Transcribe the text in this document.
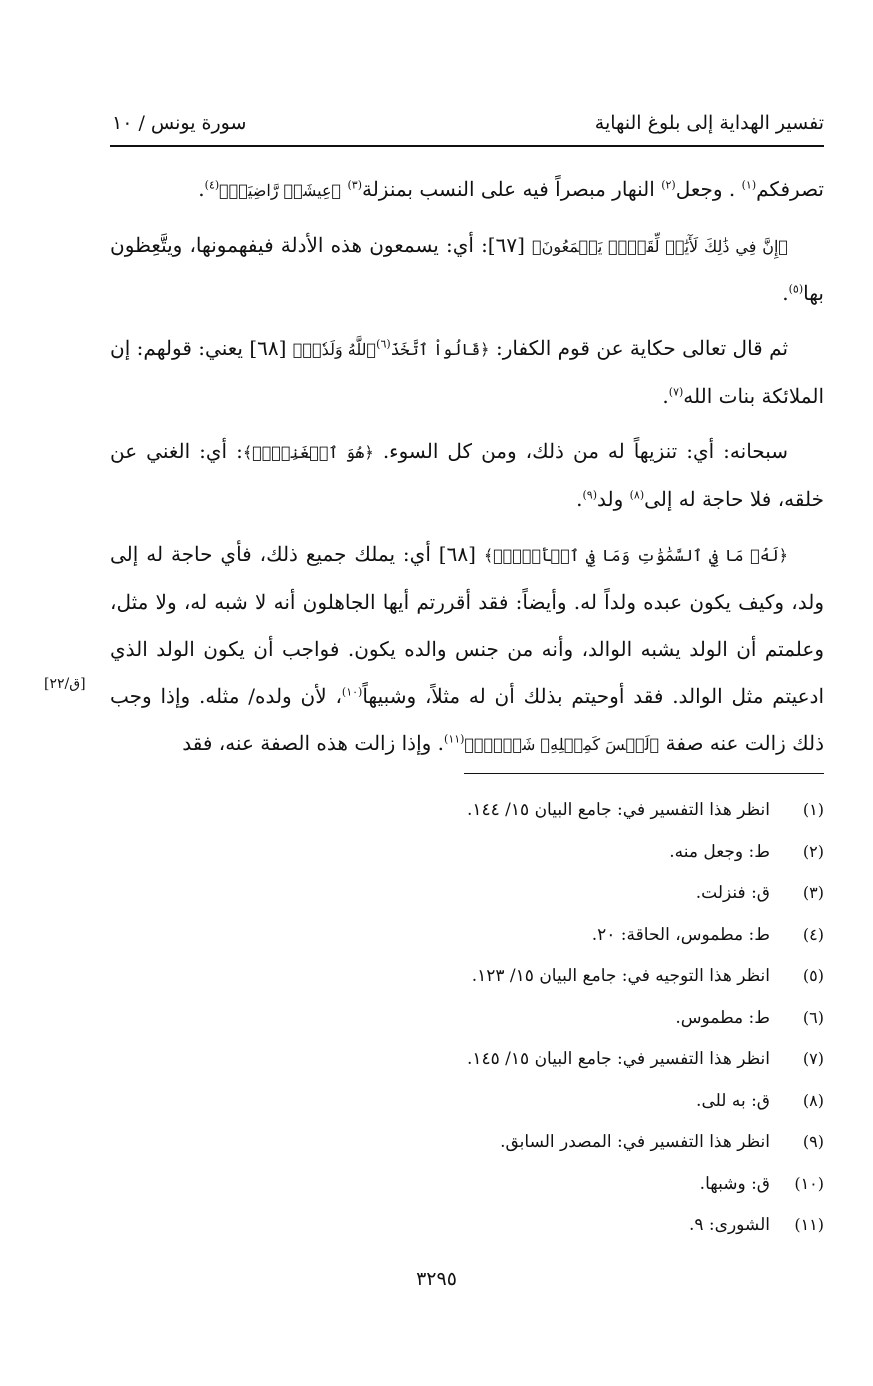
تفسير الهداية إلى بلوغ النهاية
سورة يونس / ١٠

تصرفكم$^{(١)}$ . وجعل$^{(٢)}$ النهار مبصراً فيه على النسب بمنزلة$^{(٣)}$ ﴿عِيشَةٖ رَّاضِيَةٖ﴾$^{(٤)}$.

﴿إِنَّ فِي ذَٰلِكَ لَأٓيَٰتٖ لِّقَوۡمٖ يَسۡمَعُونَ﴾ [٦٧]: أي: يسمعون هذه الأدلة فيفهمونها، ويتَّعِظون بها$^{(٥)}$.

ثم قال تعالى حكاية عن قوم الكفار: ﴿قَالُواْ ٱتَّخَذَ$^{(٦)}$ٱللَّهُ وَلَدٗاۗ﴾ [٦٨] يعني: قولهم: إن الملائكة بنات الله$^{(٧)}$.

سبحانه: أي: تنزيهاً له من ذلك، ومن كل السوء. ﴿هُوَ ٱلۡغَنِيُّۖ﴾: أي: الغني عن خلقه، فلا حاجة له إلى$^{(٨)}$ ولد$^{(٩)}$.

﴿لَهُۥ مَا فِي ٱلسَّمَٰوَٰتِ وَمَا فِي ٱلۡأَرۡضِۚ﴾ [٦٨] أي: يملك جميع ذلك، فأي حاجة له إلى ولد، وكيف يكون عبده ولداً له. وأيضاً: فقد أقررتم أيها الجاهلون أنه لا شبه له، ولا مثل، وعلمتم أن الولد يشبه الوالد، وأنه من جنس والده يكون. فواجب أن يكون الولد الذي ادعيتم مثل الوالد. فقد أوحيتم بذلك أن له مثلاً، وشبيهاً$^{(١٠)}$، لأن ولده/ مثله. وإذا وجب ذلك زالت عنه صفة ﴿لَيۡسَ كَمِثۡلِهِۦ شَيۡءٞۖ﴾$^{(١١)}$. وإذا زالت هذه الصفة عنه، فقد

[ق/٢٢]
(١)انظر هذا التفسير في: جامع البيان ١٥/ ١٤٤.
(٢)ط: وجعل منه.
(٣)ق: فنزلت.
(٤)ط: مطموس، الحاقة: ٢٠.
(٥)انظر هذا التوجيه في: جامع البيان ١٥/ ١٢٣.
(٦)ط: مطموس.
(٧)انظر هذا التفسير في: جامع البيان ١٥/ ١٤٥.
(٨)ق: به للى.
(٩)انظر هذا التفسير في: المصدر السابق.
(١٠)ق: وشبها.
(١١)الشورى: ٩.
٣٢٩٥
